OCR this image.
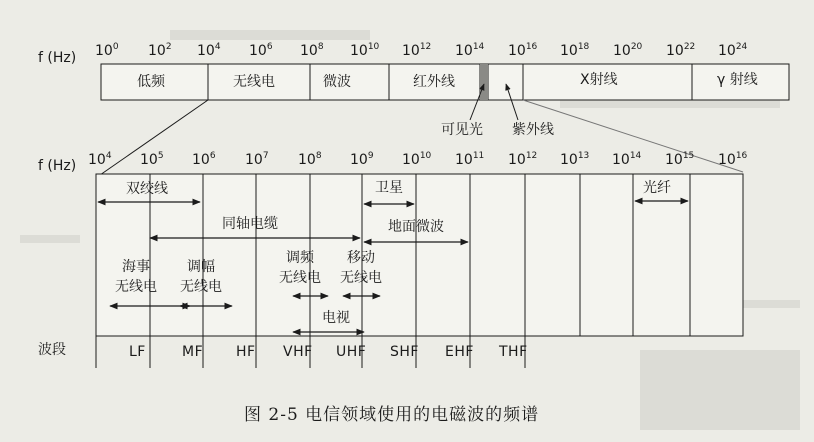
f (Hz) $10^0$ $10^2$ $10^4$ $10^6$ $10^8$ $10^{10}$ $10^{12}$ $10^{14}$ $10^{16}$ $10^{18}$ $10^{20}$ $10^{22}$ $10^{24}$
低频	无线电	微波	红外线	X射线	γ 射线
可见光 紫外线
f (Hz) $10^4$ $10^5$ $10^6$ $10^7$ $10^8$ $10^9$ $10^{10}$ $10^{11}$ $10^{12}$ $10^{13}$ $10^{14}$ $10^{15}$ $10^{16}$
双绞线	卫星	光纤
同轴电缆	地面微波
海事
无线电
调幅
无线电
调频
无线电
移动
无线电
电视
波段	LF	MF HF VHF UHF SHF EHF THF
图 2-5 电信领域使用的电磁波的频谱
